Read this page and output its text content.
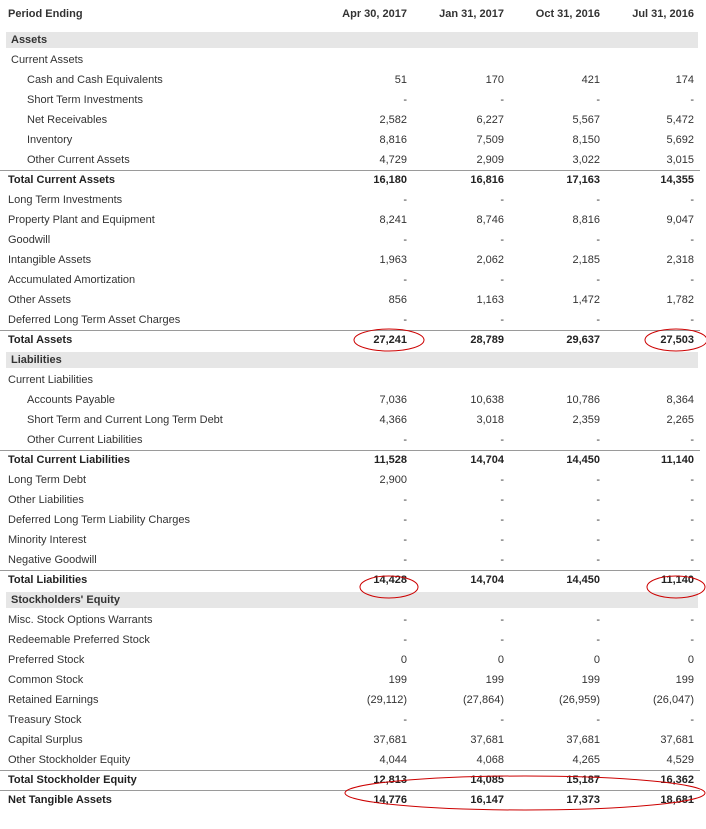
Period Ending	Apr 30, 2017	Jan 31, 2017	Oct 31, 2016	Jul 31, 2016
Assets
Current Assets
Cash and Cash Equivalents	51	170	421	174
Short Term Investments	-	-	-	-
Net Receivables	2,582	6,227	5,567	5,472
Inventory	8,816	7,509	8,150	5,692
Other Current Assets	4,729	2,909	3,022	3,015
Total Current Assets	16,180	16,816	17,163	14,355
Long Term Investments	-	-	-	-
Property Plant and Equipment	8,241	8,746	8,816	9,047
Goodwill	-	-	-	-
Intangible Assets	1,963	2,062	2,185	2,318
Accumulated Amortization	-	-	-	-
Other Assets	856	1,163	1,472	1,782
Deferred Long Term Asset Charges	-	-	-	-
Total Assets	27,241	28,789	29,637	27,503
Liabilities
Current Liabilities
Accounts Payable	7,036	10,638	10,786	8,364
Short Term and Current Long Term Debt	4,366	3,018	2,359	2,265
Other Current Liabilities	-	-	-	-
Total Current Liabilities	11,528	14,704	14,450	11,140
Long Term Debt	2,900	-	-	-
Other Liabilities	-	-	-	-
Deferred Long Term Liability Charges	-	-	-	-
Minority Interest	-	-	-	-
Negative Goodwill	-	-	-	-
Total Liabilities	14,428	14,704	14,450	11,140
Stockholders' Equity
Misc. Stock Options Warrants	-	-	-	-
Redeemable Preferred Stock	-	-	-	-
Preferred Stock	0	0	0	0
Common Stock	199	199	199	199
Retained Earnings	(29,112)	(27,864)	(26,959)	(26,047)
Treasury Stock	-	-	-	-
Capital Surplus	37,681	37,681	37,681	37,681
Other Stockholder Equity	4,044	4,068	4,265	4,529
Total Stockholder Equity	12,813	14,085	15,187	16,362
Net Tangible Assets	14,776	16,147	17,373	18,681
